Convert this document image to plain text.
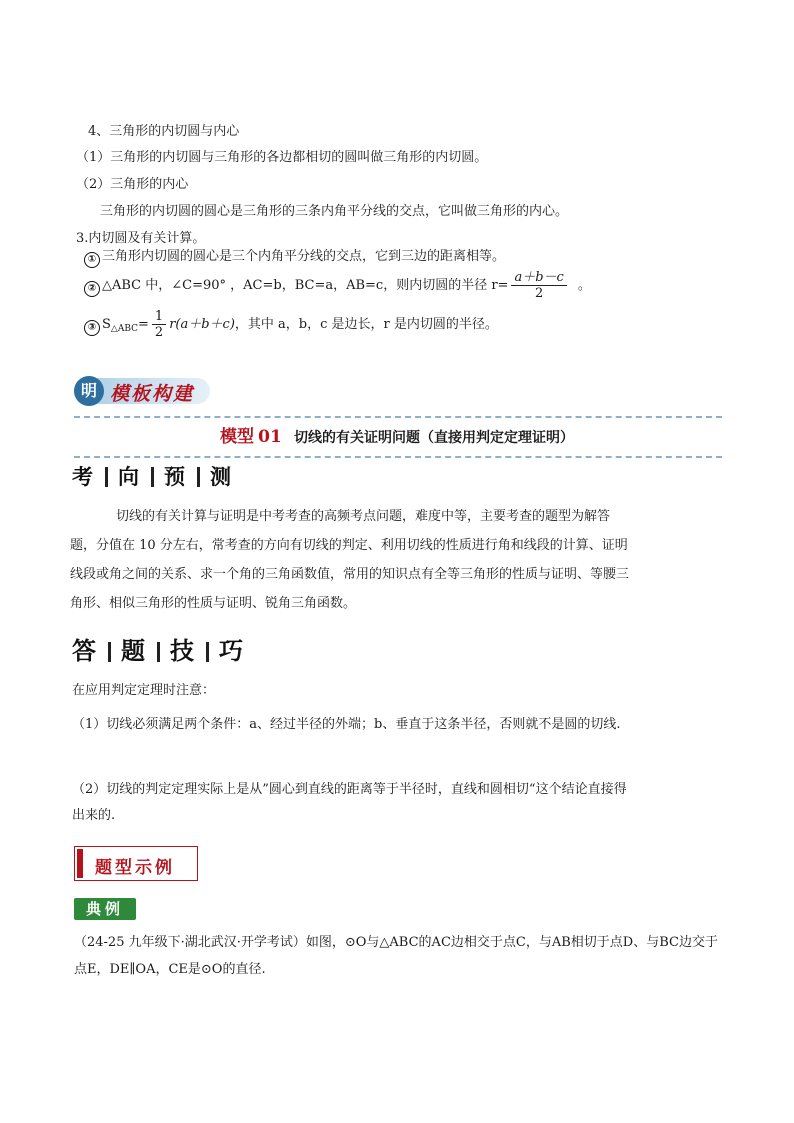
4、三角形的内切圆与内心
（1）三角形的内切圆与三角形的各边都相切的圆叫做三角形的内切圆。
（2）三角形的内心
三角形的内切圆的圆心是三角形的三条内角平分线的交点，它叫做三角形的内心。
3.内切圆及有关计算。
① 三角形内切圆的圆心是三个内角平分线的交点，它到三边的距离相等。
② △ABC 中，∠C=90° ，AC=b，BC=a，AB=c，则内切圆的半径 $r= \frac{a+b-c}{2}$ 。
③ $S_{\triangle ABC}= \frac{1}{2} r(a+b+c)$，其中 a，b，c 是边长，r 是内切圆的半径。
明 模板构建
模型 01 切线的有关证明问题（直接用判定定理证明）
考 向 预 测
切线的有关计算与证明是中考考查的高频考点问题，难度中等，主要考查的题型为解答题，分值在 10 分左右，常考查的方向有切线的判定、利用切线的性质进行角和线段的计算、证明线段或角之间的关系、求一个角的三角函数值，常用的知识点有全等三角形的性质与证明、等腰三角形、相似三角形的性质与证明、锐角三角函数。
答 题 技 巧
在应用判定定理时注意：
（1）切线必须满足两个条件：a、经过半径的外端；b、垂直于这条半径，否则就不是圆的切线.
（2）切线的判定定理实际上是从”圆心到直线的距离等于半径时，直线和圆相切“这个结论直接得出来的.
题型示例
典例
（24-25 九年级下·湖北武汉·开学考试）如图，⊙O与△ABC的AC边相交于点C，与AB相切于点D、与BC边交于点E，DE∥OA，CE是⊙O的直径.
